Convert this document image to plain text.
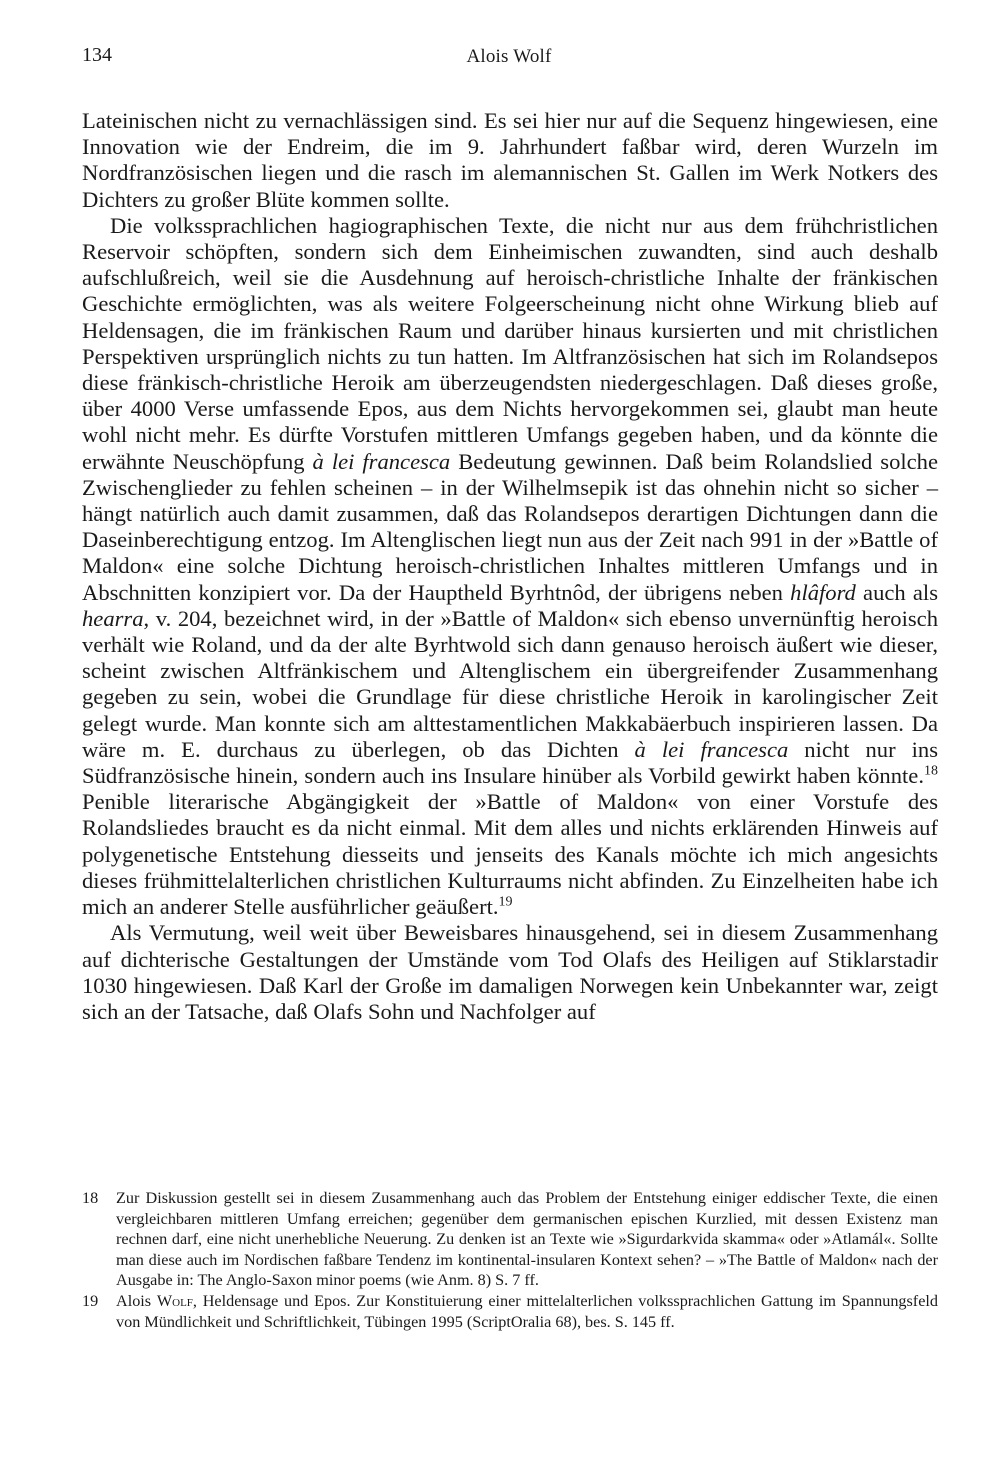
134	Alois Wolf

Lateinischen nicht zu vernachlässigen sind. Es sei hier nur auf die Sequenz hingewiesen, eine Innovation wie der Endreim, die im 9. Jahrhundert faßbar wird, deren Wurzeln im Nordfranzösischen liegen und die rasch im alemannischen St. Gallen im Werk Notkers des Dichters zu großer Blüte kommen sollte.

Die volkssprachlichen hagiographischen Texte, die nicht nur aus dem frühchristlichen Reservoir schöpften, sondern sich dem Einheimischen zuwandten, sind auch deshalb aufschlußreich, weil sie die Ausdehnung auf heroisch-christliche Inhalte der fränkischen Geschichte ermöglichten, was als weitere Folgeerscheinung nicht ohne Wirkung blieb auf Heldensagen, die im fränkischen Raum und darüber hinaus kursierten und mit christlichen Perspektiven ursprünglich nichts zu tun hatten. Im Altfranzösischen hat sich im Rolandsepos diese fränkisch-christliche Heroik am überzeugendsten niedergeschlagen. Daß dieses große, über 4000 Verse umfassende Epos, aus dem Nichts hervorgekommen sei, glaubt man heute wohl nicht mehr. Es dürfte Vorstufen mittleren Umfangs gegeben haben, und da könnte die erwähnte Neuschöpfung à lei francesca Bedeutung gewinnen. Daß beim Rolandslied solche Zwischenglieder zu fehlen scheinen – in der Wilhelmsepik ist das ohnehin nicht so sicher – hängt natürlich auch damit zusammen, daß das Rolandsepos derartigen Dichtungen dann die Daseinberechtigung entzog. Im Altenglischen liegt nun aus der Zeit nach 991 in der »Battle of Maldon« eine solche Dichtung heroisch-christlichen Inhaltes mittleren Umfangs und in Abschnitten konzipiert vor. Da der Hauptheld Byrhtnôd, der übrigens neben hlâford auch als hearra, v. 204, bezeichnet wird, in der »Battle of Maldon« sich ebenso unvernünftig heroisch verhält wie Roland, und da der alte Byrhtwold sich dann genauso heroisch äußert wie dieser, scheint zwischen Altfränkischem und Altenglischem ein übergreifender Zusammenhang gegeben zu sein, wobei die Grundlage für diese christliche Heroik in karolingischer Zeit gelegt wurde. Man konnte sich am alttestamentlichen Makkabäerbuch inspirieren lassen. Da wäre m. E. durchaus zu überlegen, ob das Dichten à lei francesca nicht nur ins Südfranzösische hinein, sondern auch ins Insulare hinüber als Vorbild gewirkt haben könnte.$^{18}$ Penible literarische Abgängigkeit der »Battle of Maldon« von einer Vorstufe des Rolandsliedes braucht es da nicht einmal. Mit dem alles und nichts erklärenden Hinweis auf polygenetische Entstehung diesseits und jenseits des Kanals möchte ich mich angesichts dieses frühmittelalterlichen christlichen Kulturraums nicht abfinden. Zu Einzelheiten habe ich mich an anderer Stelle ausführlicher geäußert.$^{19}$

Als Vermutung, weil weit über Beweisbares hinausgehend, sei in diesem Zusammenhang auf dichterische Gestaltungen der Umstände vom Tod Olafs des Heiligen auf Stiklarstadir 1030 hingewiesen. Daß Karl der Große im damaligen Norwegen kein Unbekannter war, zeigt sich an der Tatsache, daß Olafs Sohn und Nachfolger auf

18	Zur Diskussion gestellt sei in diesem Zusammenhang auch das Problem der Entstehung einiger eddischer Texte, die einen vergleichbaren mittleren Umfang erreichen; gegenüber dem germanischen epischen Kurzlied, mit dessen Existenz man rechnen darf, eine nicht unerhebliche Neuerung. Zu denken ist an Texte wie »Sigurdarkvida skamma« oder »Atlamál«. Sollte man diese auch im Nordischen faßbare Tendenz im kontinental-insularen Kontext sehen? – »The Battle of Maldon« nach der Ausgabe in: The Anglo-Saxon minor poems (wie Anm. 8) S. 7 ff.
19	Alois Wolf, Heldensage und Epos. Zur Konstituierung einer mittelalterlichen volkssprachlichen Gattung im Spannungsfeld von Mündlichkeit und Schriftlichkeit, Tübingen 1995 (ScriptOralia 68), bes. S. 145 ff.
